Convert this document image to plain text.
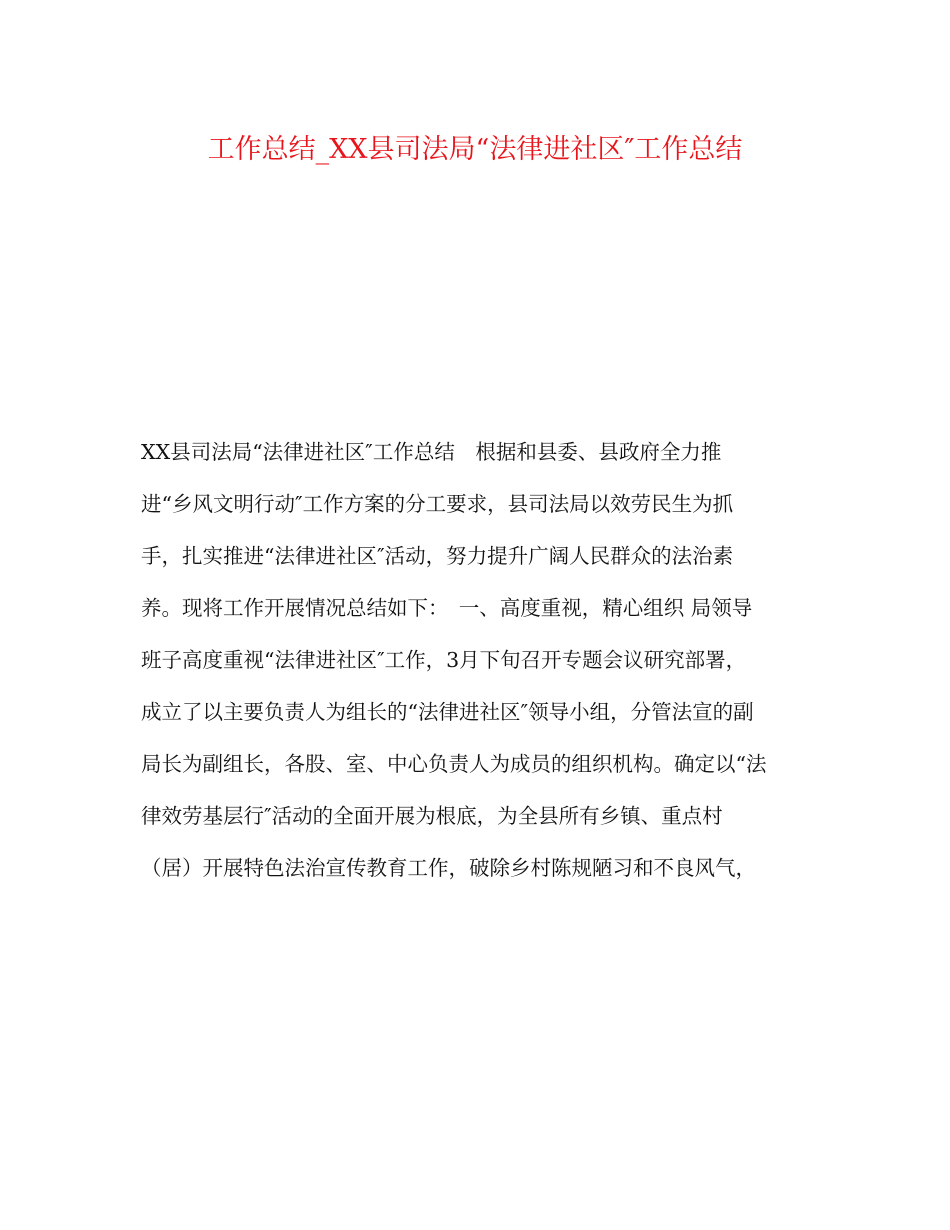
工作总结_XX县司法局“法律进社区″工作总结
XX县司法局“法律进社区″工作总结　根据和县委、县政府全力推
进“乡风文明行动″工作方案的分工要求，县司法局以效劳民生为抓
手，扎实推进“法律进社区″活动，努力提升广阔人民群众的法治素
养。现将工作开展情况总结如下：　一、高度重视，精心组织 局领导
班子高度重视“法律进社区″工作，3月下旬召开专题会议研究部署，
成立了以主要负责人为组长的“法律进社区″领导小组，分管法宣的副
局长为副组长，各股、室、中心负责人为成员的组织机构。确定以“法
律效劳基层行″活动的全面开展为根底，为全县所有乡镇、重点村
（居）开展特色法治宣传教育工作，破除乡村陈规陋习和不良风气，
